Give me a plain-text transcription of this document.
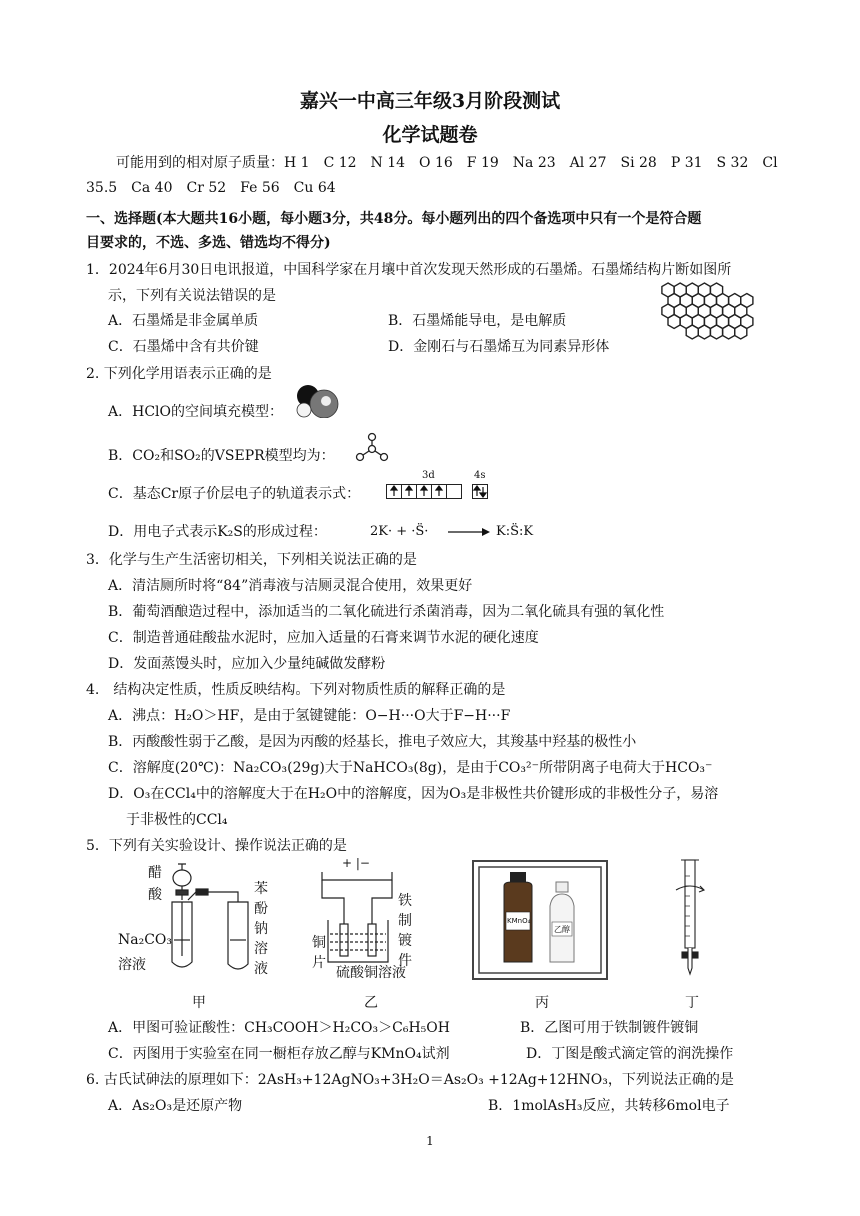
嘉兴一中高三年级3月阶段测试
化学试题卷
可能用到的相对原子质量：H 1　C 12　N 14　O 16　F 19　Na 23　Al 27　Si 28　P 31　S 32　Cl
35.5　Ca 40　Cr 52　Fe 56　Cu 64
一、选择题(本大题共16小题，每小题3分，共48分。每小题列出的四个备选项中只有一个是符合题
目要求的，不选、多选、错选均不得分)
1．2024年6月30日电讯报道，中国科学家在月壤中首次发现天然形成的石墨烯。石墨烯结构片断如图所
示，下列有关说法错误的是
A．石墨烯是非金属单质	B．石墨烯能导电，是电解质
C．石墨烯中含有共价键	D．金刚石与石墨烯互为同素异形体
2. 下列化学用语表示正确的是
A．HClO的空间填充模型：
B．CO₂和SO₂的VSEPR模型均为：
C．基态Cr原子价层电子的轨道表示式：
3d	4s
D．用电子式表示K₂S的形成过程：	2K· + ·S̈· → K:S̈:K
3．化学与生产生活密切相关，下列相关说法正确的是
A．清洁厕所时将“84”消毒液与洁厕灵混合使用，效果更好
B．葡萄酒酿造过程中，添加适当的二氧化硫进行杀菌消毒，因为二氧化硫具有强的氧化性
C．制造普通硅酸盐水泥时，应加入适量的石膏来调节水泥的硬化速度
D．发面蒸馒头时，应加入少量纯碱做发酵粉
4.　结构决定性质，性质反映结构。下列对物质性质的解释正确的是
A．沸点：H₂O＞HF，是由于氢键键能：O−H···O大于F−H···F
B．丙酸酸性弱于乙酸，是因为丙酸的烃基长，推电子效应大，其羧基中羟基的极性小
C．溶解度(20℃)：Na₂CO₃(29g)大于NaHCO₃(8g)，是由于CO₃²⁻所带阴离子电荷大于HCO₃⁻
D．O₃在CCl₄中的溶解度大于在H₂O中的溶解度，因为O₃是非极性共价键形成的非极性分子，易溶
于非极性的CCl₄
5．下列有关实验设计、操作说法正确的是
醋
酸	苯
酚
钠
溶
液
Na₂CO₃
溶液
+ |−
铁
制
镀
件
铜
片
硫酸铜溶液
KMnO₄
乙醇
甲	乙	丙	丁
A．甲图可验证酸性：CH₃COOH＞H₂CO₃＞C₆H₅OH	B．乙图可用于铁制镀件镀铜
C．丙图用于实验室在同一橱柜存放乙醇与KMnO₄试剂	D．丁图是酸式滴定管的润洗操作
6. 古氏试砷法的原理如下：2AsH₃+12AgNO₃+3H₂O＝As₂O₃ +12Ag+12HNO₃，下列说法正确的是
A．As₂O₃是还原产物	B．1molAsH₃反应，共转移6mol电子
1
